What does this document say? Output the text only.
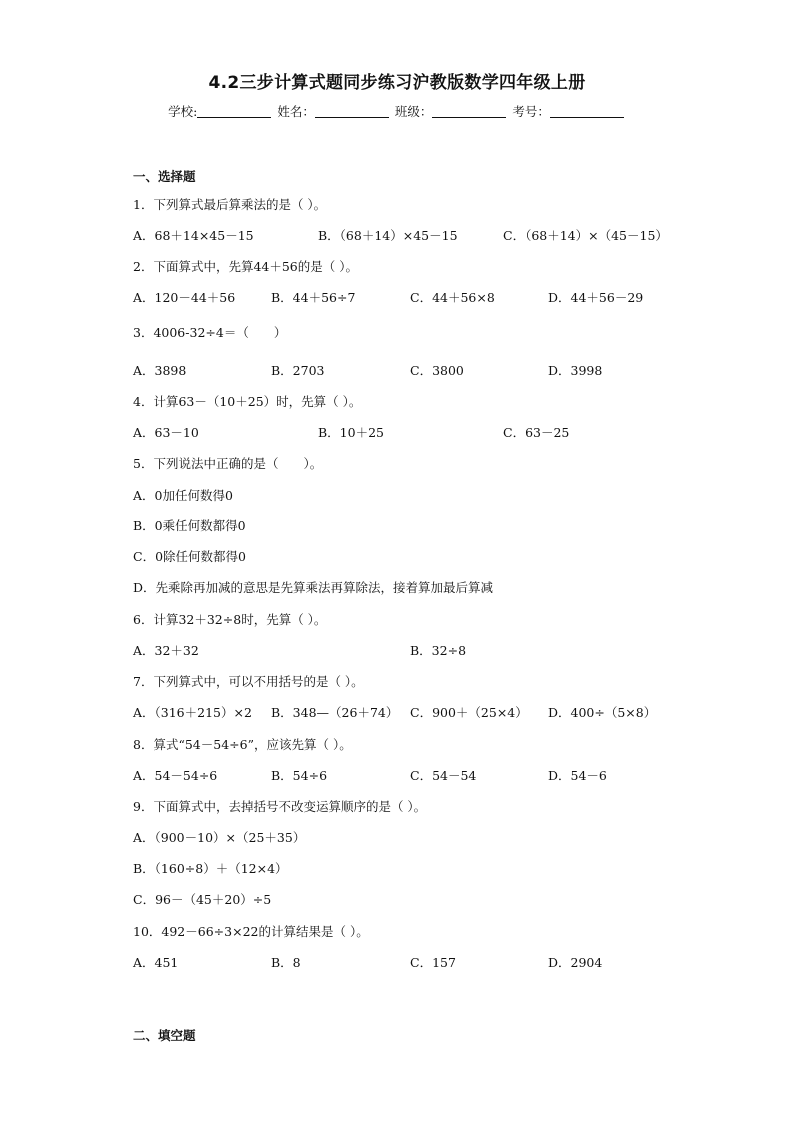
4.2三步计算式题同步练习沪教版数学四年级上册
学校:	姓名：	班级：	考号：
一、选择题
1．下列算式最后算乘法的是（ ）。
A．68＋14×45－15	B．（68＋14）×45－15	C．（68＋14）×（45－15）
2．下面算式中，先算44＋56的是（ ）。
A．120－44＋56	B．44＋56÷7	C．44＋56×8	D．44＋56－29
3．4006-32÷4＝（　　）
A．3898	B．2703	C．3800	D．3998
4．计算63－（10＋25）时，先算（ ）。
A．63－10	B．10＋25	C．63－25
5．下列说法中正确的是（　　）。
A．0加任何数得0
B．0乘任何数都得0
C．0除任何数都得0
D．先乘除再加减的意思是先算乘法再算除法，接着算加最后算减
6．计算32＋32÷8时，先算（ ）。
A．32＋32	B．32÷8
7．下列算式中，可以不用括号的是（ ）。
A．（316＋215）×2 B．348—（26＋74） C．900＋（25×4） D．400÷（5×8）
8．算式“54－54÷6”，应该先算（ ）。
A．54－54÷6	B．54÷6	C．54－54	D．54－6
9．下面算式中，去掉括号不改变运算顺序的是（ ）。
A．（900－10）×（25＋35）
B．（160÷8）＋（12×4）
C．96－（45＋20）÷5
10．492－66÷3×22的计算结果是（ ）。
A．451	B．8	C．157	D．2904
二、填空题
